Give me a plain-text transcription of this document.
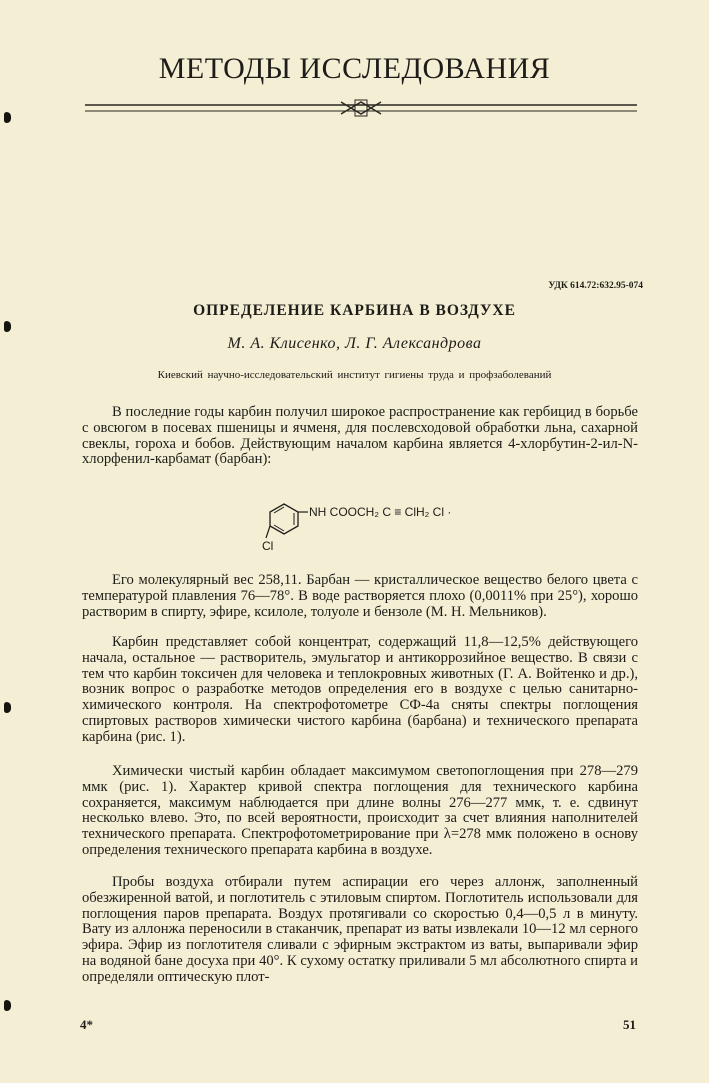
МЕТОДЫ ИССЛЕДОВАНИЯ
УДК 614.72:632.95-074
ОПРЕДЕЛЕНИЕ КАРБИНА В ВОЗДУХЕ
М. А. Клисенко, Л. Г. Александрова
Киевский научно-исследовательский институт гигиены труда и профзаболеваний

В последние годы карбин получил широкое распространение как гербицид в борьбе с овсюгом в посевах пшеницы и ячменя, для послевсходовой обработки льна, сахарной свеклы, гороха и бобов. Действующим началом карбина является 4-хлорбутин-2-ил-N-хлорфенил-карбамат (барбан):

NH COOCH₂ C ≡ ClH₂ Cl ·
Cl

Его молекулярный вес 258,11. Барбан — кристаллическое вещество белого цвета с температурой плавления 76—78°. В воде растворяется плохо (0,0011% при 25°), хорошо растворим в спирту, эфире, ксилоле, толуоле и бензоле (М. Н. Мельников).

Карбин представляет собой концентрат, содержащий 11,8—12,5% действующего начала, остальное — растворитель, эмульгатор и антикоррозийное вещество. В связи с тем что карбин токсичен для человека и теплокровных животных (Г. А. Войтенко и др.), возник вопрос о разработке методов определения его в воздухе с целью санитарно-химического контроля. На спектрофотометре СФ-4а сняты спектры поглощения спиртовых растворов химически чистого карбина (барбана) и технического препарата карбина (рис. 1).

Химически чистый карбин обладает максимумом светопоглощения при 278—279 ммк (рис. 1). Характер кривой спектра поглощения для технического карбина сохраняется, максимум наблюдается при длине волны 276—277 ммк, т. е. сдвинут несколько влево. Это, по всей вероятности, происходит за счет влияния наполнителей технического препарата. Спектрофотометрирование при λ=278 ммк положено в основу определения технического препарата карбина в воздухе.

Пробы воздуха отбирали путем аспирации его через аллонж, заполненный обезжиренной ватой, и поглотитель с этиловым спиртом. Поглотитель использовали для поглощения паров препарата. Воздух протягивали со скоростью 0,4—0,5 л в минуту. Вату из аллонжа переносили в стаканчик, препарат из ваты извлекали 10—12 мл серного эфира. Эфир из поглотителя сливали с эфирным экстрактом из ваты, выпаривали эфир на водяной бане досуха при 40°. К сухому остатку приливали 5 мл абсолютного спирта и определяли оптическую плот-

4*	51
